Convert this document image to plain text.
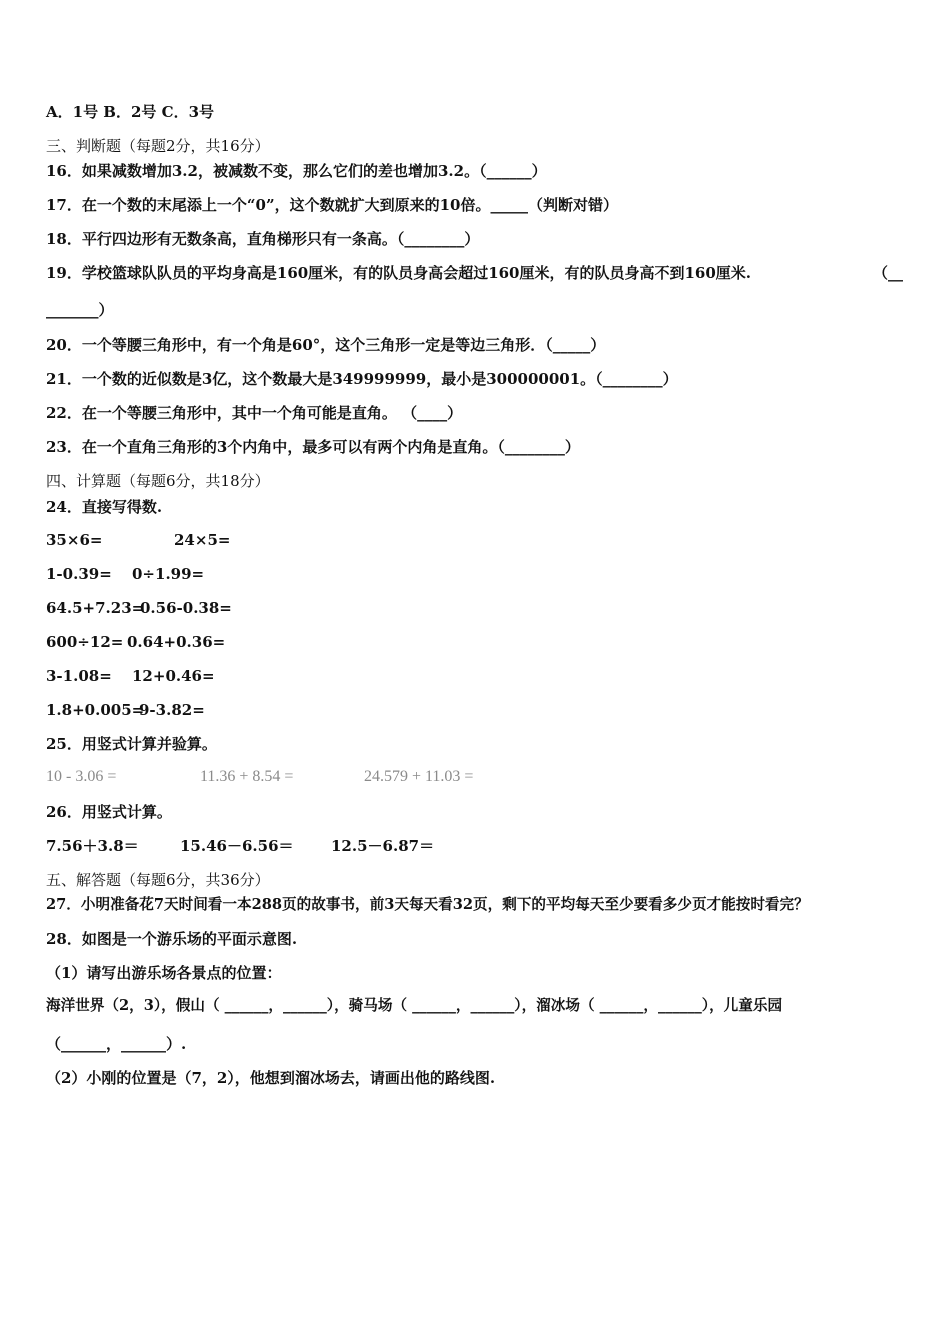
A．1号 B．2号 C．3号
三、判断题（每题2分，共16分）
16．如果减数增加3.2，被减数不变，那么它们的差也增加3.2。（______）
17．在一个数的末尾添上一个“0”，这个数就扩大到原来的10倍。_____（判断对错）
18．平行四边形有无数条高，直角梯形只有一条高。（________）
19．学校篮球队队员的平均身高是160厘米，有的队员身高会超过160厘米，有的队员身高不到160厘米.	（__
_______）
20．一个等腰三角形中，有一个角是60°，这个三角形一定是等边三角形．（_____）
21．一个数的近似数是3亿，这个数最大是349999999，最小是300000001。（________）
22．在一个等腰三角形中，其中一个角可能是直角。 （____）
23．在一个直角三角形的3个内角中，最多可以有两个内角是直角。（________）
四、计算题（每题6分，共18分）
24．直接写得数.
35×6=	24×5=
1-0.39= 0÷1.99=
64.5+7.23=0.56-0.38=
600÷12= 0.64+0.36=
3-1.08= 12+0.46=
1.8+0.005=9-3.82=
25．用竖式计算并验算。
10 - 3.06 =	11.36 + 8.54 =	24.579 + 11.03 =
26．用竖式计算。
7.56＋3.8＝	15.46－6.56＝ 12.5－6.87＝
五、解答题（每题6分，共36分）
27．小明准备花7天时间看一本288页的故事书，前3天每天看32页，剩下的平均每天至少要看多少页才能按时看完？
28．如图是一个游乐场的平面示意图.
（1）请写出游乐场各景点的位置：
海洋世界（2，3），假山（ ______，______），骑马场（ ______，______），溜冰场（ ______，______），儿童乐园
（______，______）.
（2）小刚的位置是（7，2），他想到溜冰场去，请画出他的路线图.
